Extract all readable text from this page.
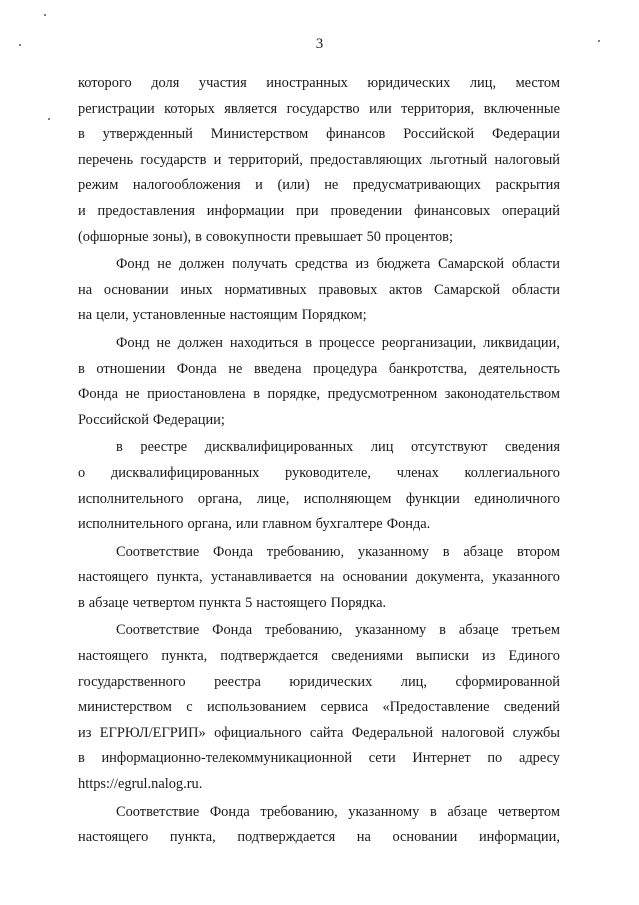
3
которого доля участия иностранных юридических лиц, местом
регистрации которых является государство или территория, включенные
в утвержденный Министерством финансов Российской Федерации
перечень государств и территорий, предоставляющих льготный налоговый
режим налогообложения и (или) не предусматривающих раскрытия
и предоставления информации при проведении финансовых операций
(офшорные зоны), в совокупности превышает 50 процентов;
Фонд не должен получать средства из бюджета Самарской области
на основании иных нормативных правовых актов Самарской области
на цели, установленные настоящим Порядком;
Фонд не должен находиться в процессе реорганизации, ликвидации,
в отношении Фонда не введена процедура банкротства, деятельность
Фонда не приостановлена в порядке, предусмотренном законодательством
Российской Федерации;
в реестре дисквалифицированных лиц отсутствуют сведения
о дисквалифицированных руководителе, членах коллегиального
исполнительного органа, лице, исполняющем функции единоличного
исполнительного органа, или главном бухгалтере Фонда.
Соответствие Фонда требованию, указанному в абзаце втором
настоящего пункта, устанавливается на основании документа, указанного
в абзаце четвертом пункта 5 настоящего Порядка.
Соответствие Фонда требованию, указанному в абзаце третьем
настоящего пункта, подтверждается сведениями выписки из Единого
государственного реестра юридических лиц, сформированной
министерством с использованием сервиса «Предоставление сведений
из ЕГРЮЛ/ЕГРИП» официального сайта Федеральной налоговой службы
в информационно-телекоммуникационной сети Интернет по адресу
https://egrul.nalog.ru.
Соответствие Фонда требованию, указанному в абзаце четвертом
настоящего пункта, подтверждается на основании информации,
